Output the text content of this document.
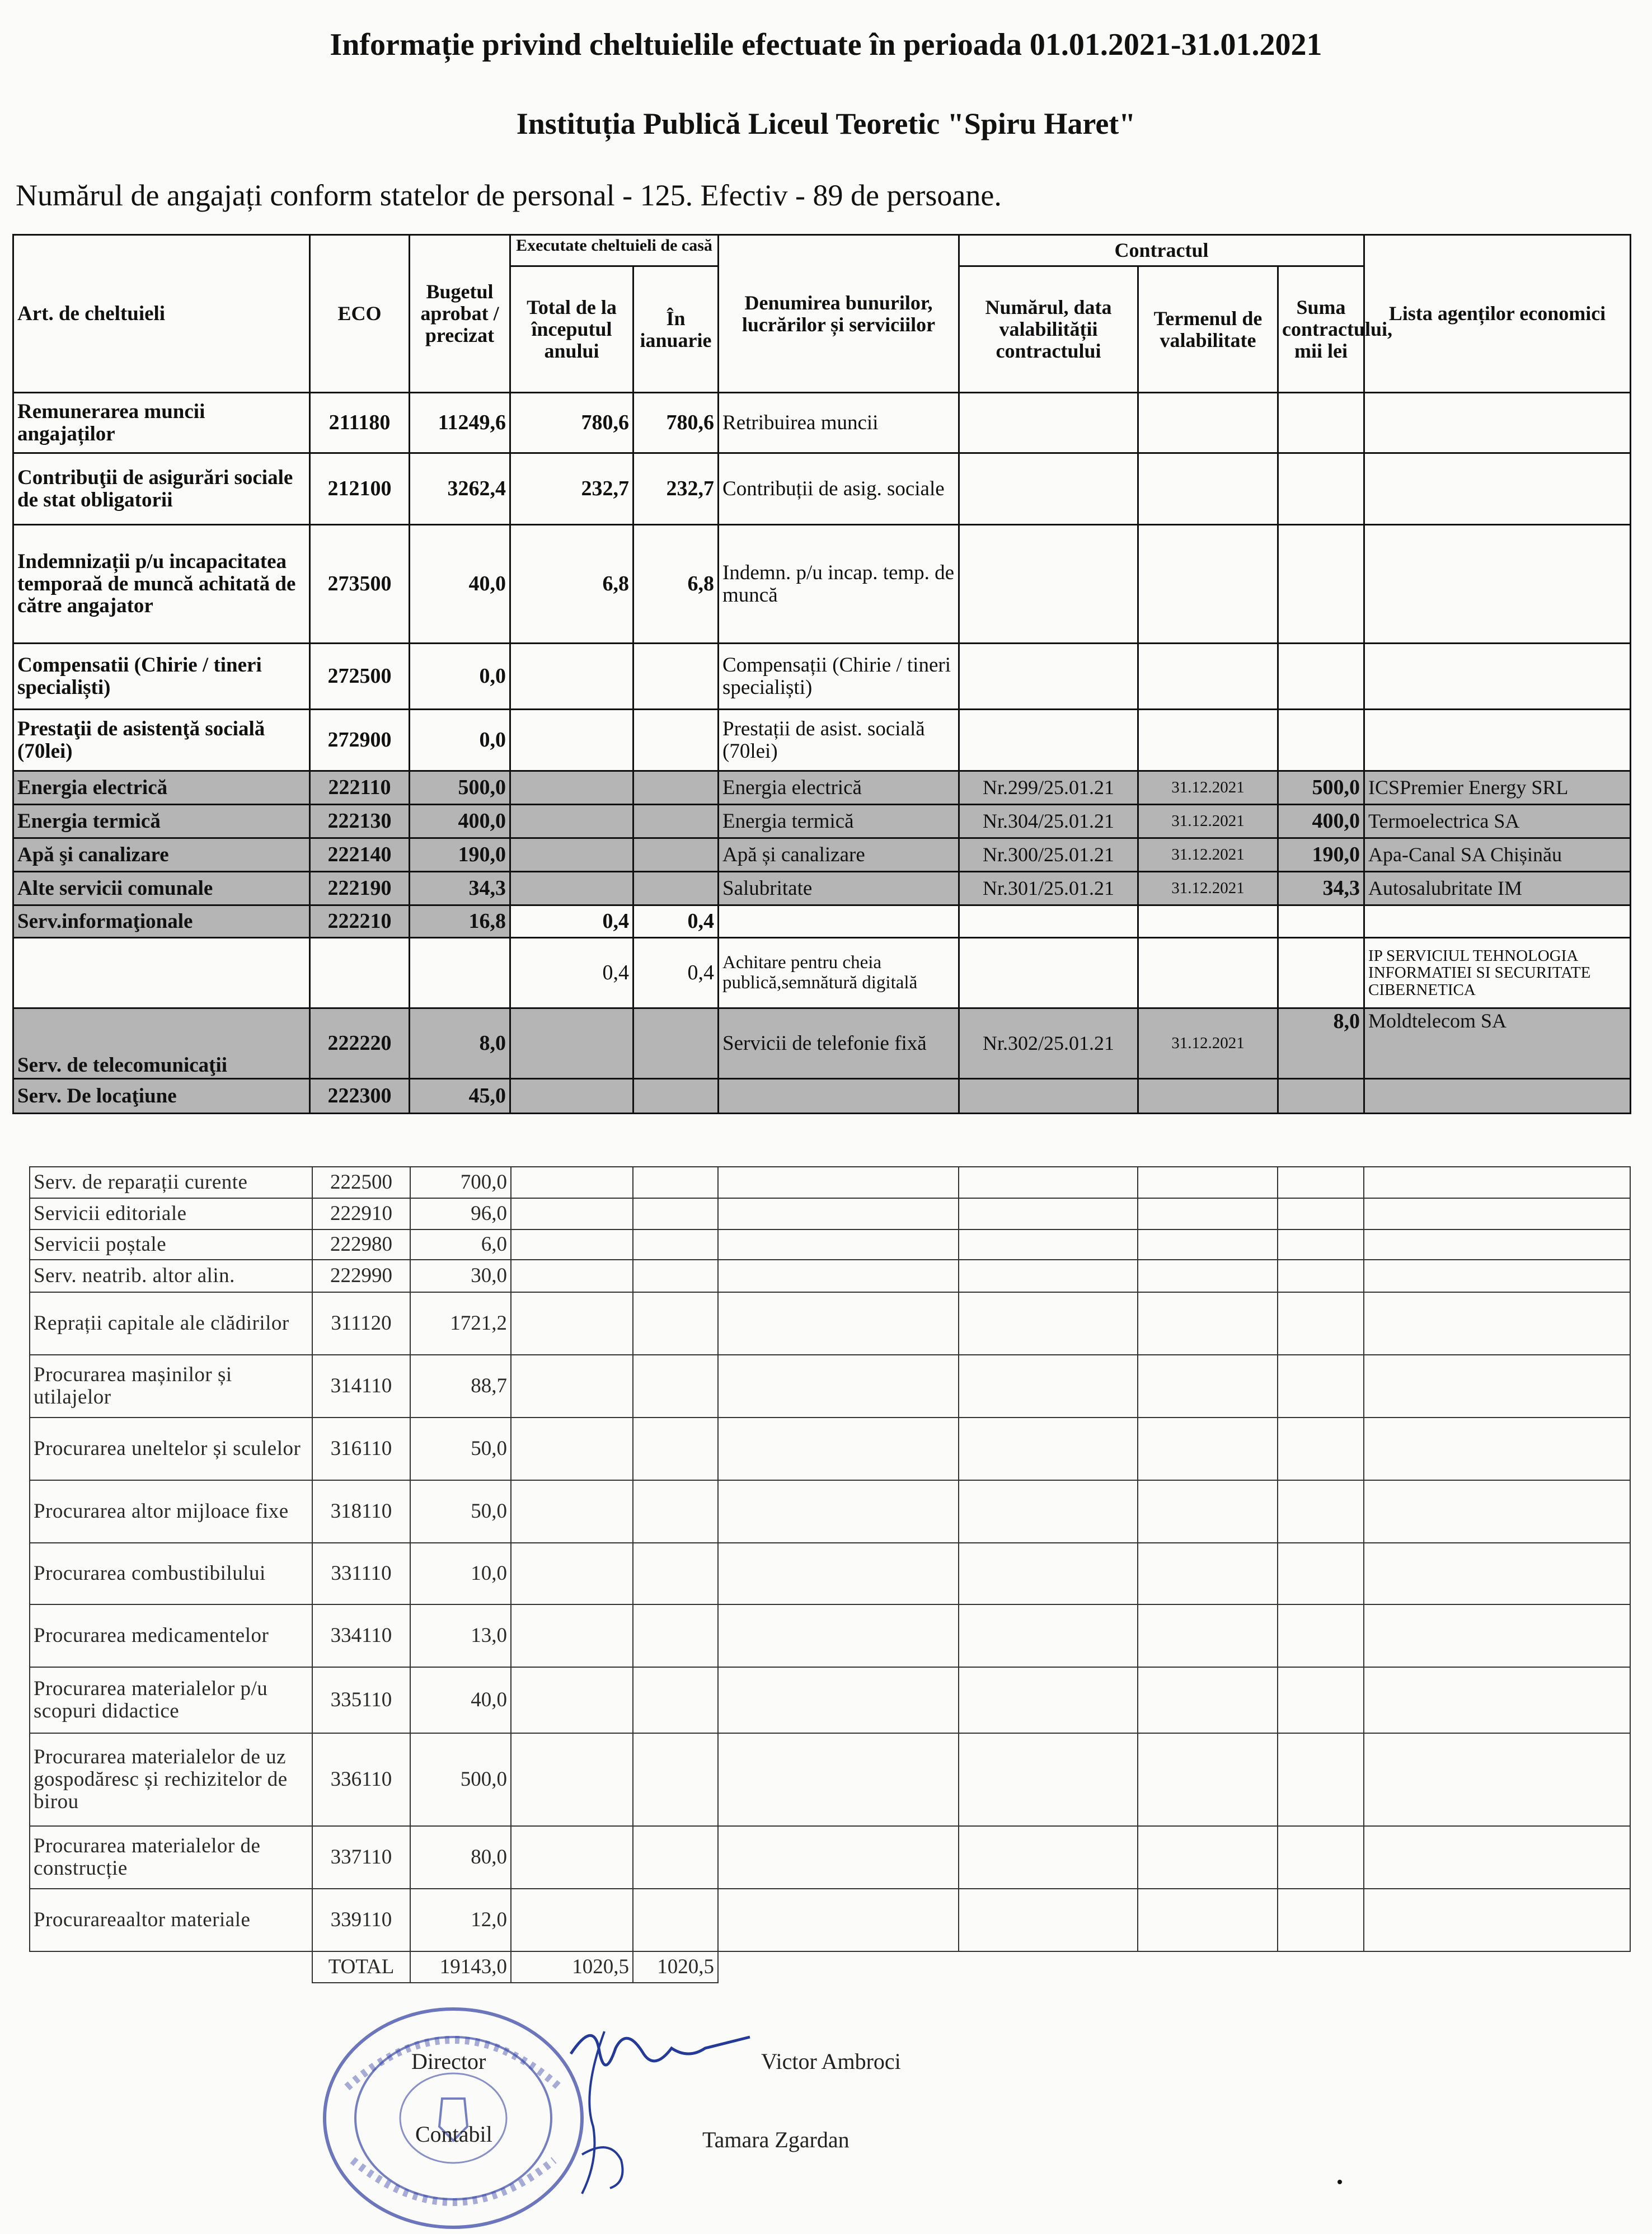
Informație privind cheltuielile efectuate în perioada 01.01.2021-31.01.2021
Instituția Publică Liceul Teoretic "Spiru Haret"
Numărul de angajați conform statelor de personal - 125. Efectiv - 89 de persoane.
Art. de cheltuieli	ECO	Bugetul aprobat / precizat	Executate cheltuieli de casă		Denumirea bunurilor, lucrărilor și serviciilor	Contractul			Lista agenților economici
			Total de la începutul anului	În ianuarie		Numărul, data valabilității contractului	Termenul de valabilitate	Suma contractului, mii lei	
Remunerarea muncii angajaților	211180	11249,6	780,6	780,6	Retribuirea muncii				
Contribuţii de asigurări sociale de stat obligatorii	212100	3262,4	232,7	232,7	Contribuții de asig. sociale				
Indemnizații p/u incapacitatea temporaă de muncă achitată de către angajator	273500	40,0	6,8	6,8	Indemn. p/u incap. temp. de muncă				
Compensatii (Chirie / tineri specialiști)	272500	0,0			Compensații (Chirie / tineri specialiști)				
Prestaţii de asistenţă socială (70lei)	272900	0,0			Prestații de asist. socială (70lei)				
Energia electrică	222110	500,0			Energia electrică	Nr.299/25.01.21	31.12.2021	500,0	ICSPremier Energy SRL
Energia termică	222130	400,0			Energia termică	Nr.304/25.01.21	31.12.2021	400,0	Termoelectrica SA
Apă şi canalizare	222140	190,0			Apă și canalizare	Nr.300/25.01.21	31.12.2021	190,0	Apa-Canal SA Chișinău
Alte servicii comunale	222190	34,3			Salubritate	Nr.301/25.01.21	31.12.2021	34,3	Autosalubritate IM
Serv.informaţionale	222210	16,8	0,4	0,4					
			0,4	0,4	Achitare pentru cheia publică,semnătură digitală				IP SERVICIUL TEHNOLOGIA INFORMATIEI SI SECURITATE CIBERNETICA
Serv. de telecomunicaţii	222220	8,0			Servicii de telefonie fixă	Nr.302/25.01.21	31.12.2021	8,0	Moldtelecom SA
Serv. De locaţiune	222300	45,0							
Serv. de reparații curente	222500	700,0							
Servicii editoriale	222910	96,0							
Servicii poștale	222980	6,0							
Serv. neatrib. altor alin.	222990	30,0							
Reprații capitale ale clădirilor	311120	1721,2							
Procurarea mașinilor și utilajelor	314110	88,7							
Procurarea uneltelor și sculelor	316110	50,0							
Procurarea altor mijloace fixe	318110	50,0							
Procurarea combustibilului	331110	10,0							
Procurarea medicamentelor	334110	13,0							
Procurarea materialelor p/u scopuri didactice	335110	40,0							
Procurarea materialelor de uz gospodăresc și rechizitelor de birou	336110	500,0							
Procurarea materialelor de construcție	337110	80,0							
Procurareaaltor materiale	339110	12,0							
	TOTAL	19143,0	1020,5	1020,5					
Director	Victor Ambroci
Contabil	Tamara Zgardan
